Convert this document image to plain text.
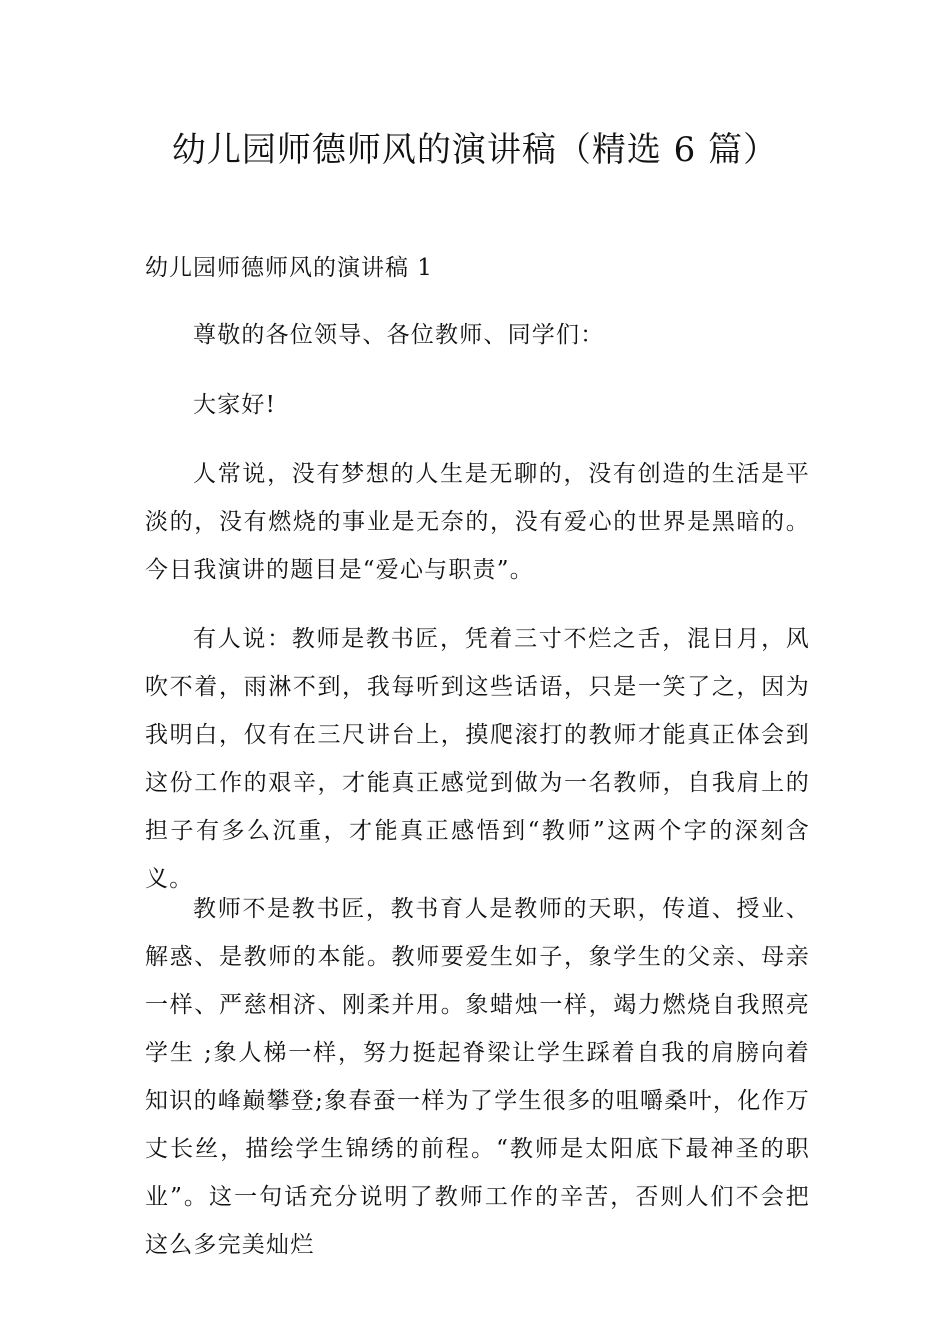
幼儿园师德师风的演讲稿（精选 6 篇）
幼儿园师德师风的演讲稿 1

尊敬的各位领导、各位教师、同学们：

大家好!

人常说，没有梦想的人生是无聊的，没有创造的生活是平淡的，没有燃烧的事业是无奈的，没有爱心的世界是黑暗的。今日我演讲的题目是“爱心与职责”。

有人说：教师是教书匠，凭着三寸不烂之舌，混日月，风吹不着，雨淋不到，我每听到这些话语，只是一笑了之，因为我明白，仅有在三尺讲台上，摸爬滚打的教师才能真正体会到这份工作的艰辛，才能真正感觉到做为一名教师，自我肩上的担子有多么沉重，才能真正感悟到“教师”这两个字的深刻含义。

教师不是教书匠，教书育人是教师的天职，传道、授业、解惑、是教师的本能。教师要爱生如子，象学生的父亲、母亲一样、严慈相济、刚柔并用。象蜡烛一样，竭力燃烧自我照亮学生 ;象人梯一样，努力挺起脊梁让学生踩着自我的肩膀向着知识的峰巅攀登;象春蚕一样为了学生很多的咀嚼桑叶，化作万丈长丝，描绘学生锦绣的前程。“教师是太阳底下最神圣的职业”。这一句话充分说明了教师工作的辛苦，否则人们不会把这么多完美灿烂
